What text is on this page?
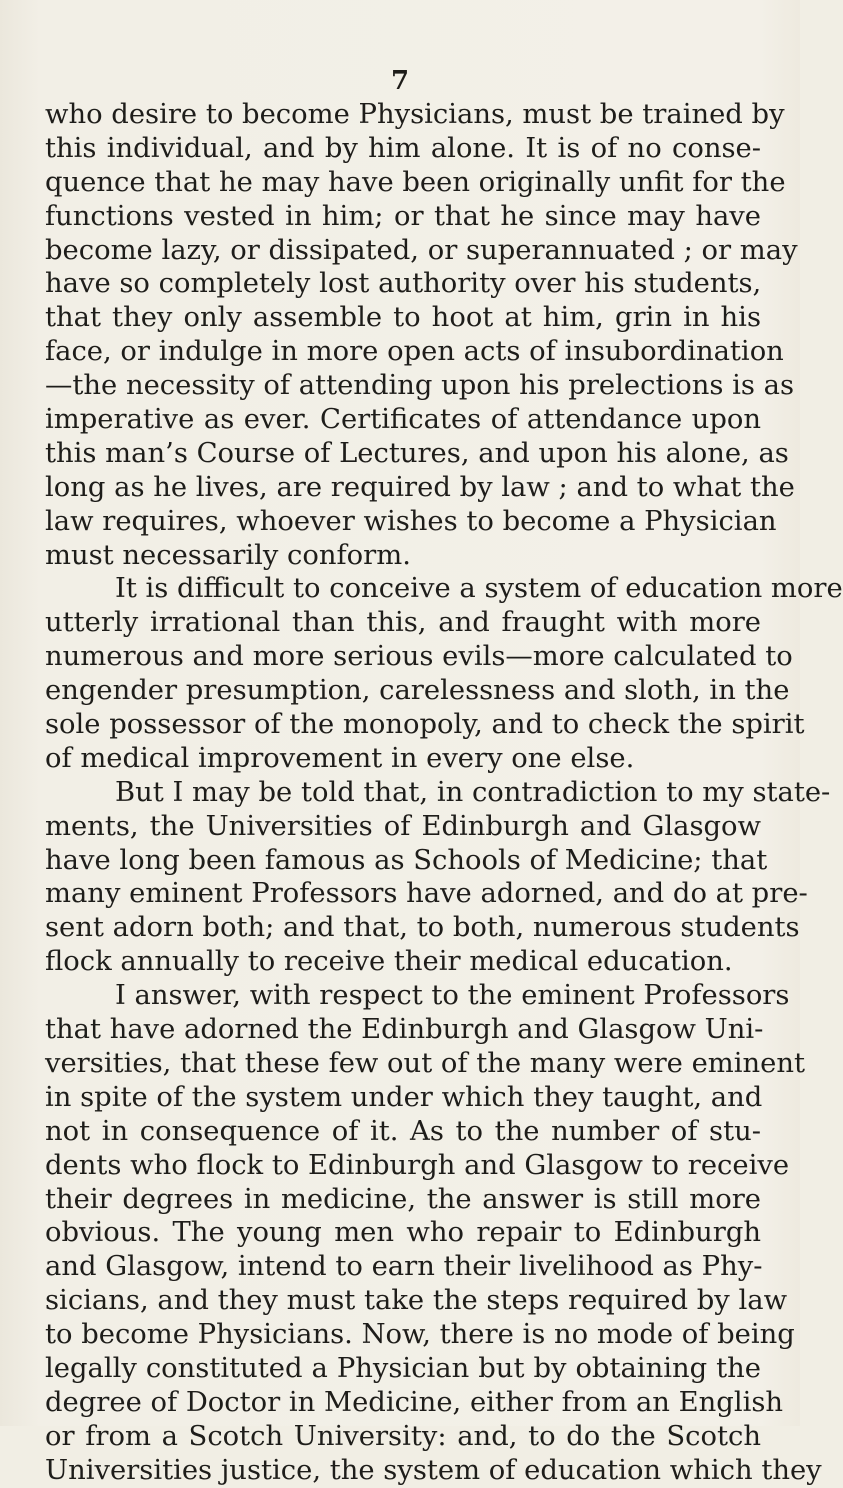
7
who desire to become Physicians, must be trained by
this individual, and by him alone. It is of no conse-
quence that he may have been originally unfit for the
functions vested in him; or that he since may have
become lazy, or dissipated, or superannuated ; or may
have so completely lost authority over his students,
that they only assemble to hoot at him, grin in his
face, or indulge in more open acts of insubordination
—the necessity of attending upon his prelections is as
imperative as ever. Certificates of attendance upon
this man’s Course of Lectures, and upon his alone, as
long as he lives, are required by law ; and to what the
law requires, whoever wishes to become a Physician
must necessarily conform.
It is difficult to conceive a system of education more
utterly irrational than this, and fraught with more
numerous and more serious evils—more calculated to
engender presumption, carelessness and sloth, in the
sole possessor of the monopoly, and to check the spirit
of medical improvement in every one else.
But I may be told that, in contradiction to my state-
ments, the Universities of Edinburgh and Glasgow
have long been famous as Schools of Medicine; that
many eminent Professors have adorned, and do at pre-
sent adorn both; and that, to both, numerous students
flock annually to receive their medical education.
I answer, with respect to the eminent Professors
that have adorned the Edinburgh and Glasgow Uni-
versities, that these few out of the many were eminent
in spite of the system under which they taught, and
not in consequence of it. As to the number of stu-
dents who flock to Edinburgh and Glasgow to receive
their degrees in medicine, the answer is still more
obvious. The young men who repair to Edinburgh
and Glasgow, intend to earn their livelihood as Phy-
sicians, and they must take the steps required by law
to become Physicians. Now, there is no mode of being
legally constituted a Physician but by obtaining the
degree of Doctor in Medicine, either from an English
or from a Scotch University: and, to do the Scotch
Universities justice, the system of education which they
